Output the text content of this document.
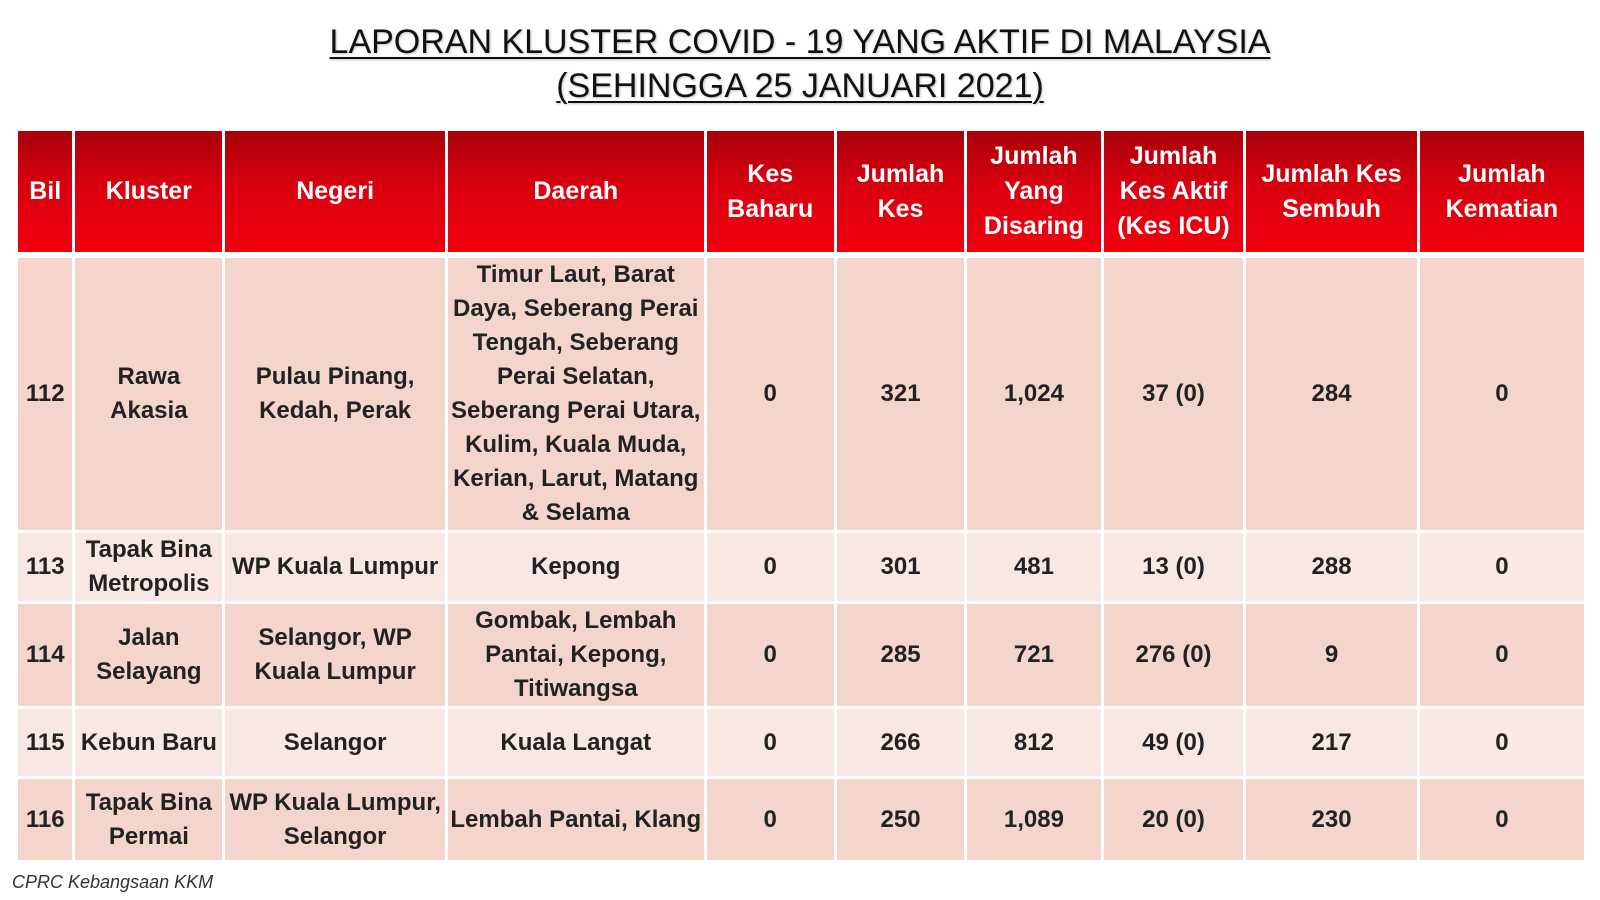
LAPORAN KLUSTER COVID - 19 YANG AKTIF DI MALAYSIA
(SEHINGGA 25 JANUARI 2021)
Bil	Kluster	Negeri	Daerah	Kes Baharu	Jumlah Kes	Jumlah Yang Disaring	Jumlah Kes Aktif (Kes ICU)	Jumlah Kes Sembuh	Jumlah Kematian
112	Rawa Akasia	Pulau Pinang, Kedah, Perak	Timur Laut, Barat Daya, Seberang Perai Tengah, Seberang Perai Selatan, Seberang Perai Utara, Kulim, Kuala Muda, Kerian, Larut, Matang & Selama	0	321	1,024	37 (0)	284	0
113	Tapak Bina Metropolis	WP Kuala Lumpur	Kepong	0	301	481	13 (0)	288	0
114	Jalan Selayang	Selangor, WP Kuala Lumpur	Gombak, Lembah Pantai, Kepong, Titiwangsa	0	285	721	276 (0)	9	0
115	Kebun Baru	Selangor	Kuala Langat	0	266	812	49 (0)	217	0
116	Tapak Bina Permai	WP Kuala Lumpur, Selangor	Lembah Pantai, Klang	0	250	1,089	20 (0)	230	0
CPRC Kebangsaan KKM
